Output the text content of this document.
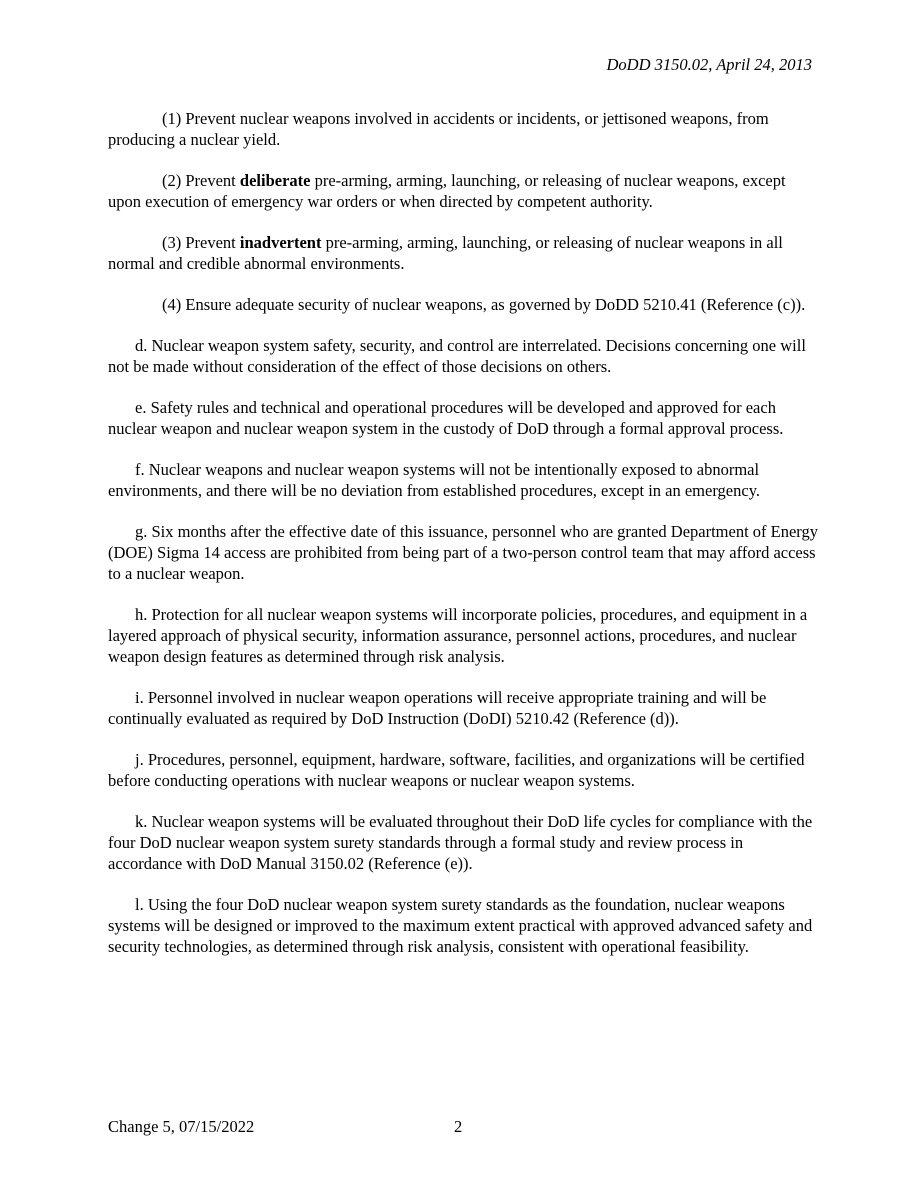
DoDD 3150.02, April 24, 2013

(1) Prevent nuclear weapons involved in accidents or incidents, or jettisoned weapons, from producing a nuclear yield.

(2) Prevent deliberate pre-arming, arming, launching, or releasing of nuclear weapons, except upon execution of emergency war orders or when directed by competent authority.

(3) Prevent inadvertent pre-arming, arming, launching, or releasing of nuclear weapons in all normal and credible abnormal environments.

(4) Ensure adequate security of nuclear weapons, as governed by DoDD 5210.41 (Reference (c)).

d. Nuclear weapon system safety, security, and control are interrelated. Decisions concerning one will not be made without consideration of the effect of those decisions on others.

e. Safety rules and technical and operational procedures will be developed and approved for each nuclear weapon and nuclear weapon system in the custody of DoD through a formal approval process.

f. Nuclear weapons and nuclear weapon systems will not be intentionally exposed to abnormal environments, and there will be no deviation from established procedures, except in an emergency.

g. Six months after the effective date of this issuance, personnel who are granted Department of Energy (DOE) Sigma 14 access are prohibited from being part of a two-person control team that may afford access to a nuclear weapon.

h. Protection for all nuclear weapon systems will incorporate policies, procedures, and equipment in a layered approach of physical security, information assurance, personnel actions, procedures, and nuclear weapon design features as determined through risk analysis.

i. Personnel involved in nuclear weapon operations will receive appropriate training and will be continually evaluated as required by DoD Instruction (DoDI) 5210.42 (Reference (d)).

j. Procedures, personnel, equipment, hardware, software, facilities, and organizations will be certified before conducting operations with nuclear weapons or nuclear weapon systems.

k. Nuclear weapon systems will be evaluated throughout their DoD life cycles for compliance with the four DoD nuclear weapon system surety standards through a formal study and review process in accordance with DoD Manual 3150.02 (Reference (e)).

l. Using the four DoD nuclear weapon system surety standards as the foundation, nuclear weapons systems will be designed or improved to the maximum extent practical with approved advanced safety and security technologies, as determined through risk analysis, consistent with operational feasibility.

Change 5, 07/15/2022	2
